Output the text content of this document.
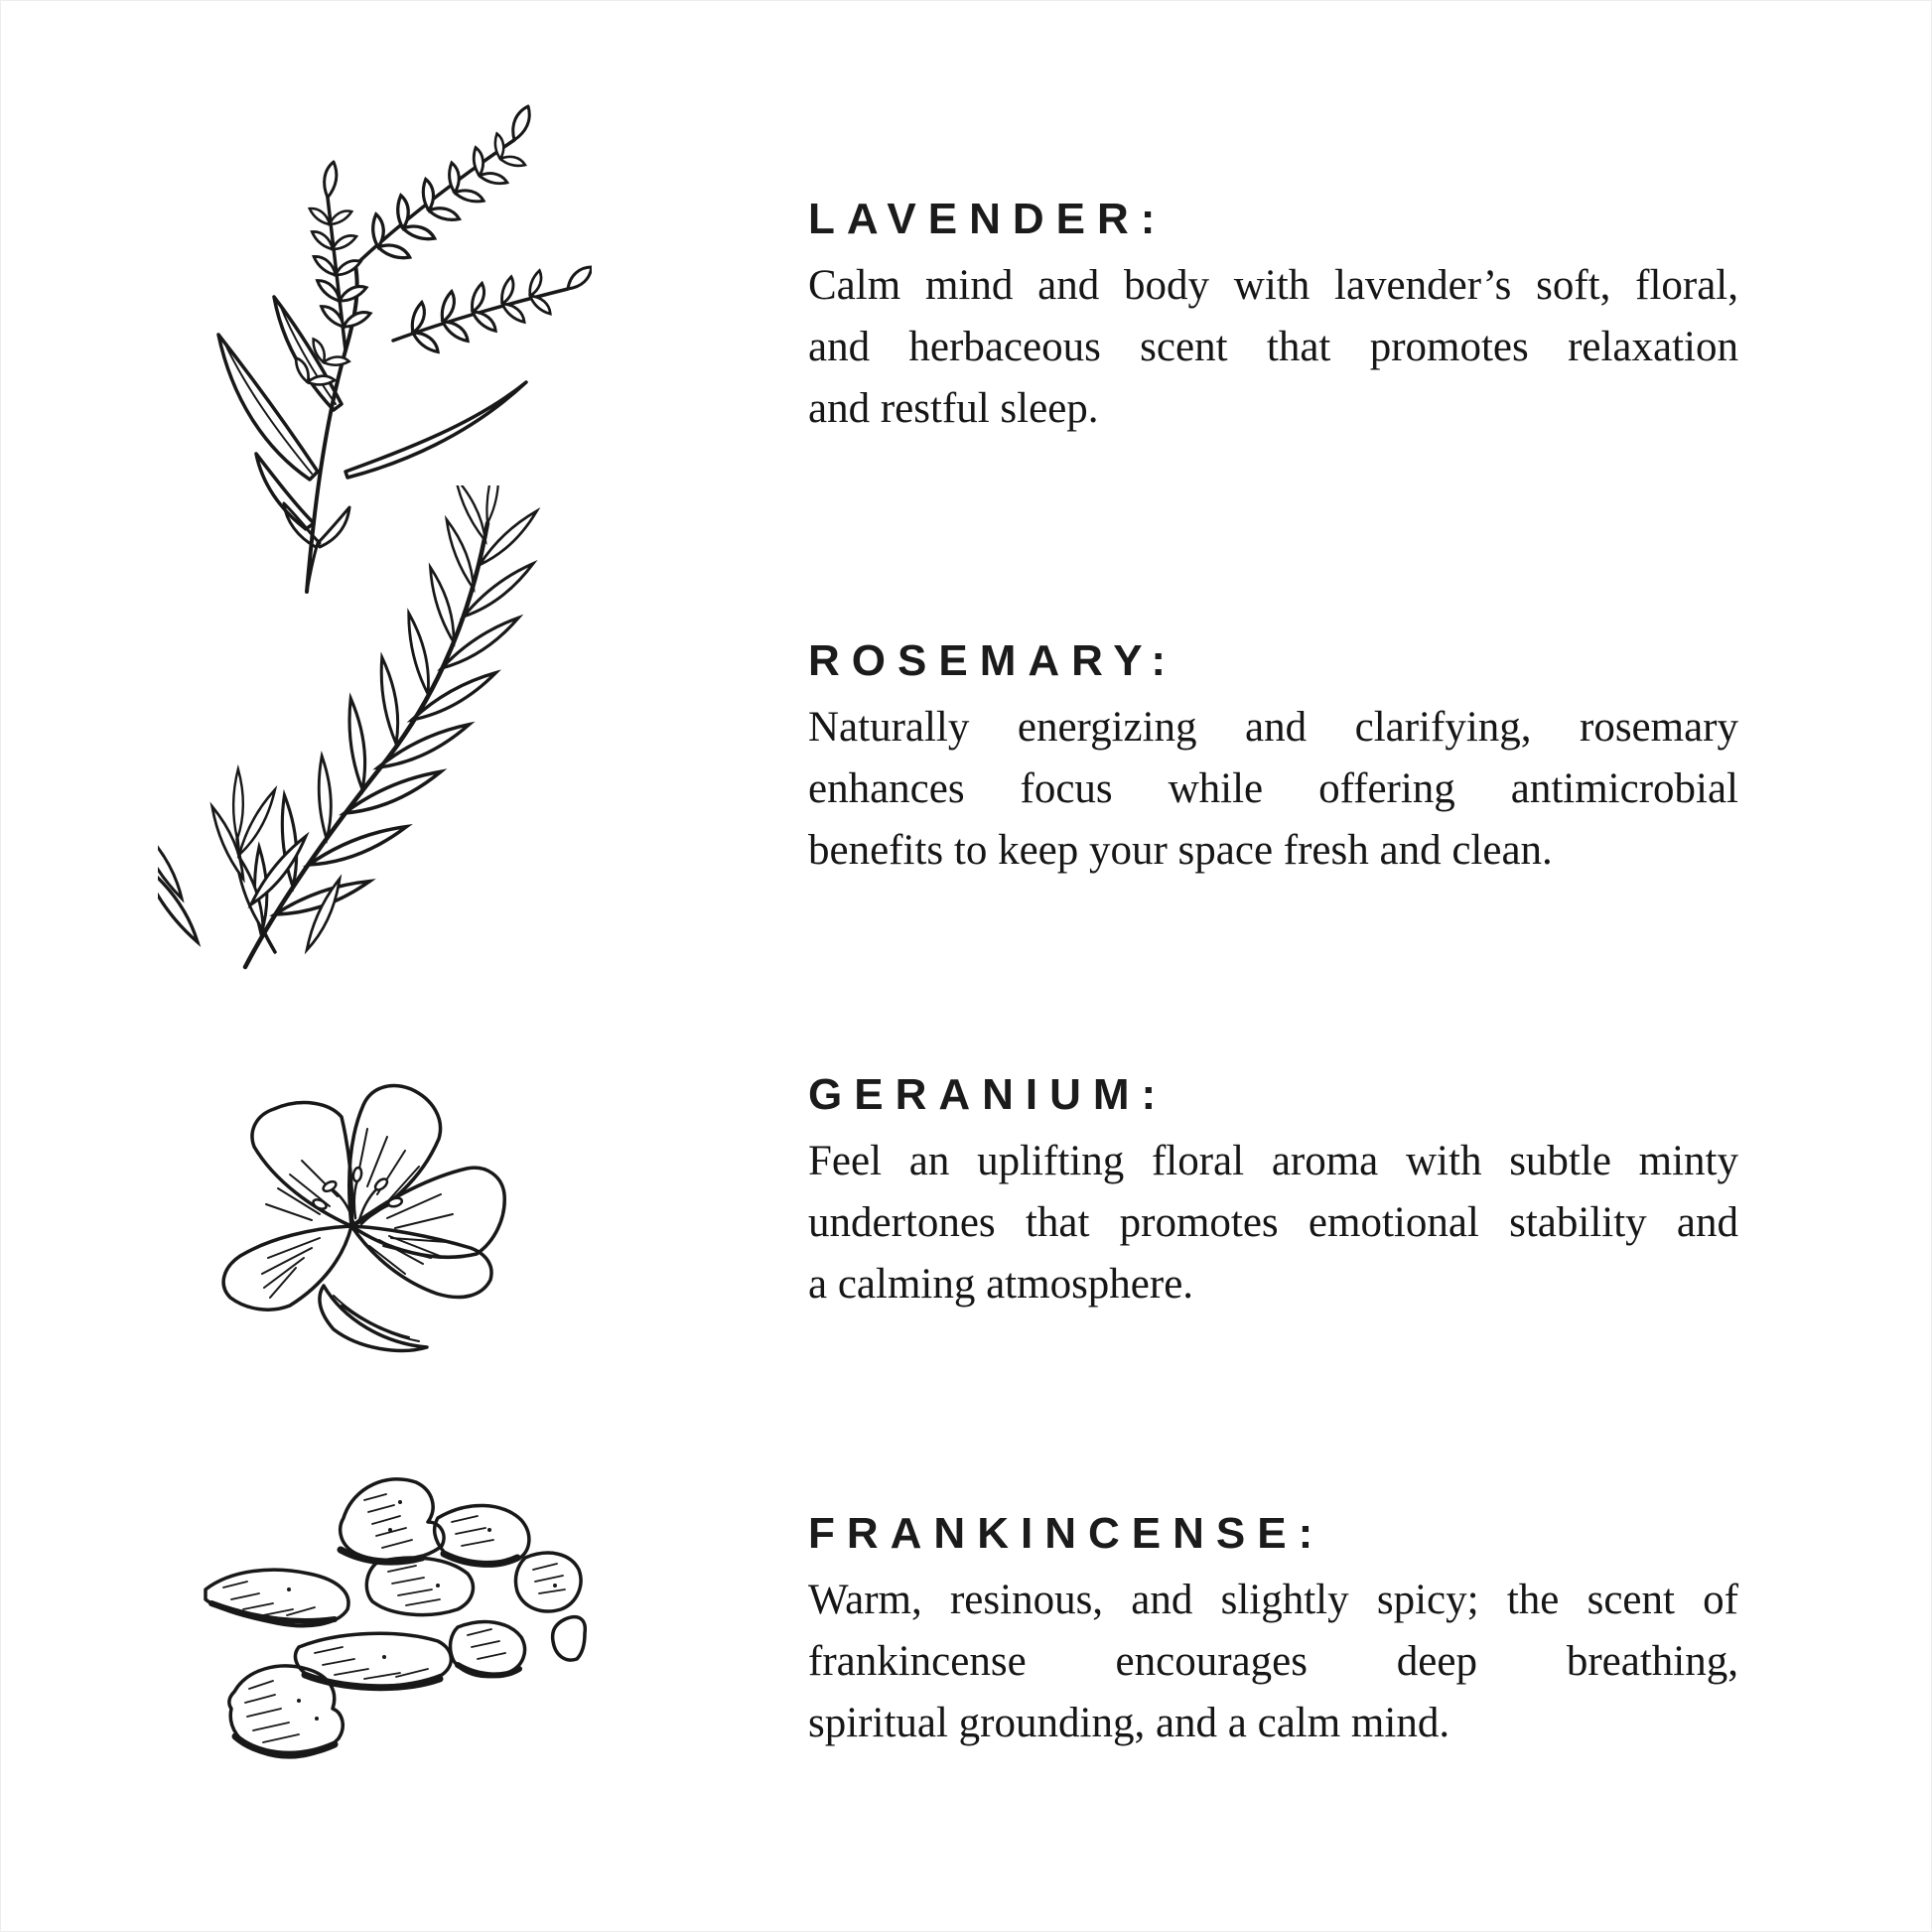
LAVENDER:

Calm mind and body with lavender’s soft, floral,
and herbaceous scent that promotes relaxation
and restful sleep.

ROSEMARY:

Naturally energizing and clarifying, rosemary
enhances focus while offering antimicrobial
benefits to keep your space fresh and clean.

GERANIUM:

Feel an uplifting floral aroma with subtle minty
undertones that promotes emotional stability and
a calming atmosphere.

FRANKINCENSE:

Warm, resinous, and slightly spicy; the scent of
frankincense encourages deep breathing,
spiritual grounding, and a calm mind.
